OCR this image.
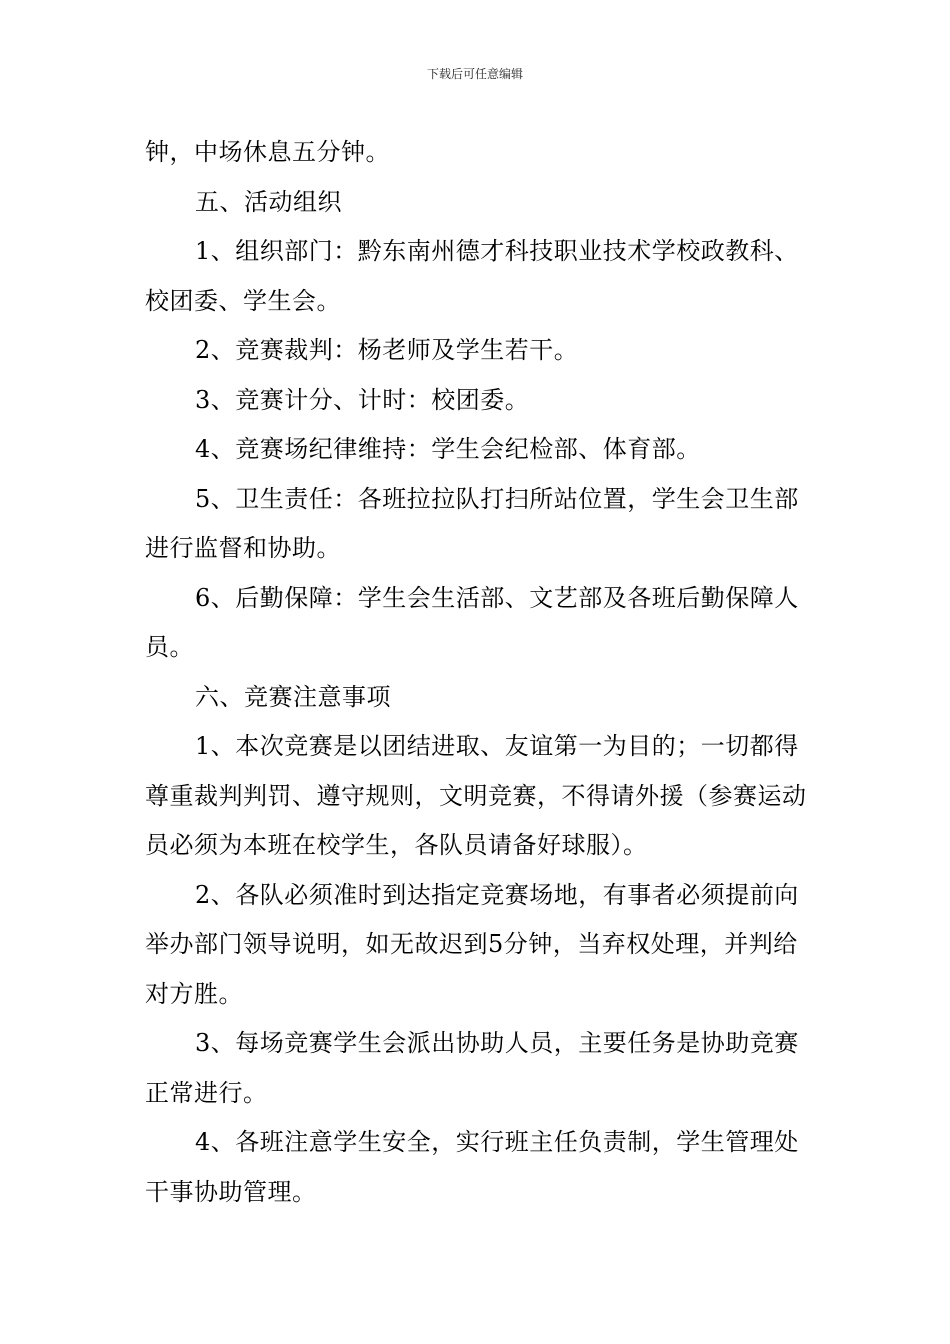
下载后可任意编辑

钟，中场休息五分钟。

五、活动组织

1、组织部门：黔东南州德才科技职业技术学校政教科、校团委、学生会。

2、竞赛裁判：杨老师及学生若干。

3、竞赛计分、计时：校团委。

4、竞赛场纪律维持：学生会纪检部、体育部。

5、卫生责任：各班拉拉队打扫所站位置，学生会卫生部进行监督和协助。

6、后勤保障：学生会生活部、文艺部及各班后勤保障人员。

六、竞赛注意事项

1、本次竞赛是以团结进取、友谊第一为目的；一切都得尊重裁判判罚、遵守规则，文明竞赛，不得请外援（参赛运动员必须为本班在校学生，各队员请备好球服）。

2、各队必须准时到达指定竞赛场地，有事者必须提前向举办部门领导说明，如无故迟到5分钟，当弃权处理，并判给对方胜。

3、每场竞赛学生会派出协助人员，主要任务是协助竞赛正常进行。

4、各班注意学生安全，实行班主任负责制，学生管理处干事协助管理。
